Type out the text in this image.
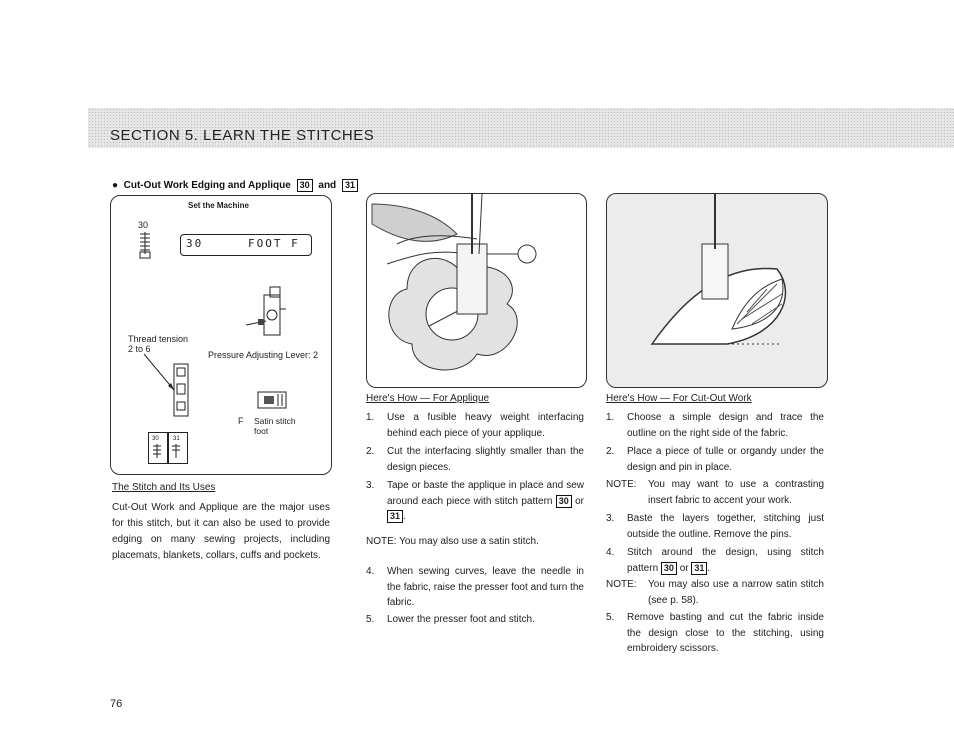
SECTION 5. LEARN THE STITCHES
● Cut-Out Work Edging and Applique 30 and 31
Set the Machine
30
30	FOOT F
Thread tension
2 to 6
Pressure Adjusting Lever: 2
F Satin stitch foot
30 31
The Stitch and Its Uses
Cut-Out Work and Applique are the major uses for this stitch, but it can also be used to provide edging on many sewing projects, including placemats, blankets, collars, cuffs and pockets.
Here's How — For Applique
1. Use a fusible heavy weight interfacing behind each piece of your applique.
2. Cut the interfacing slightly smaller than the design pieces.
3. Tape or baste the applique in place and sew around each piece with stitch pattern 30 or 31 .
NOTE: You may also use a satin stitch.
4. When sewing curves, leave the needle in the fabric, raise the presser foot and turn the fabric.
5. Lower the presser foot and stitch.
Here's How — For Cut-Out Work
1. Choose a simple design and trace the outline on the right side of the fabric.
2. Place a piece of tulle or organdy under the design and pin in place.
NOTE: You may want to use a contrasting insert fabric to accent your work.
3. Baste the layers together, stitching just outside the outline. Remove the pins.
4. Stitch around the design, using stitch pattern 30 or 31 .
NOTE: You may also use a narrow satin stitch (see p. 58).
5. Remove basting and cut the fabric inside the design close to the stitching, using embroidery scissors.
76
